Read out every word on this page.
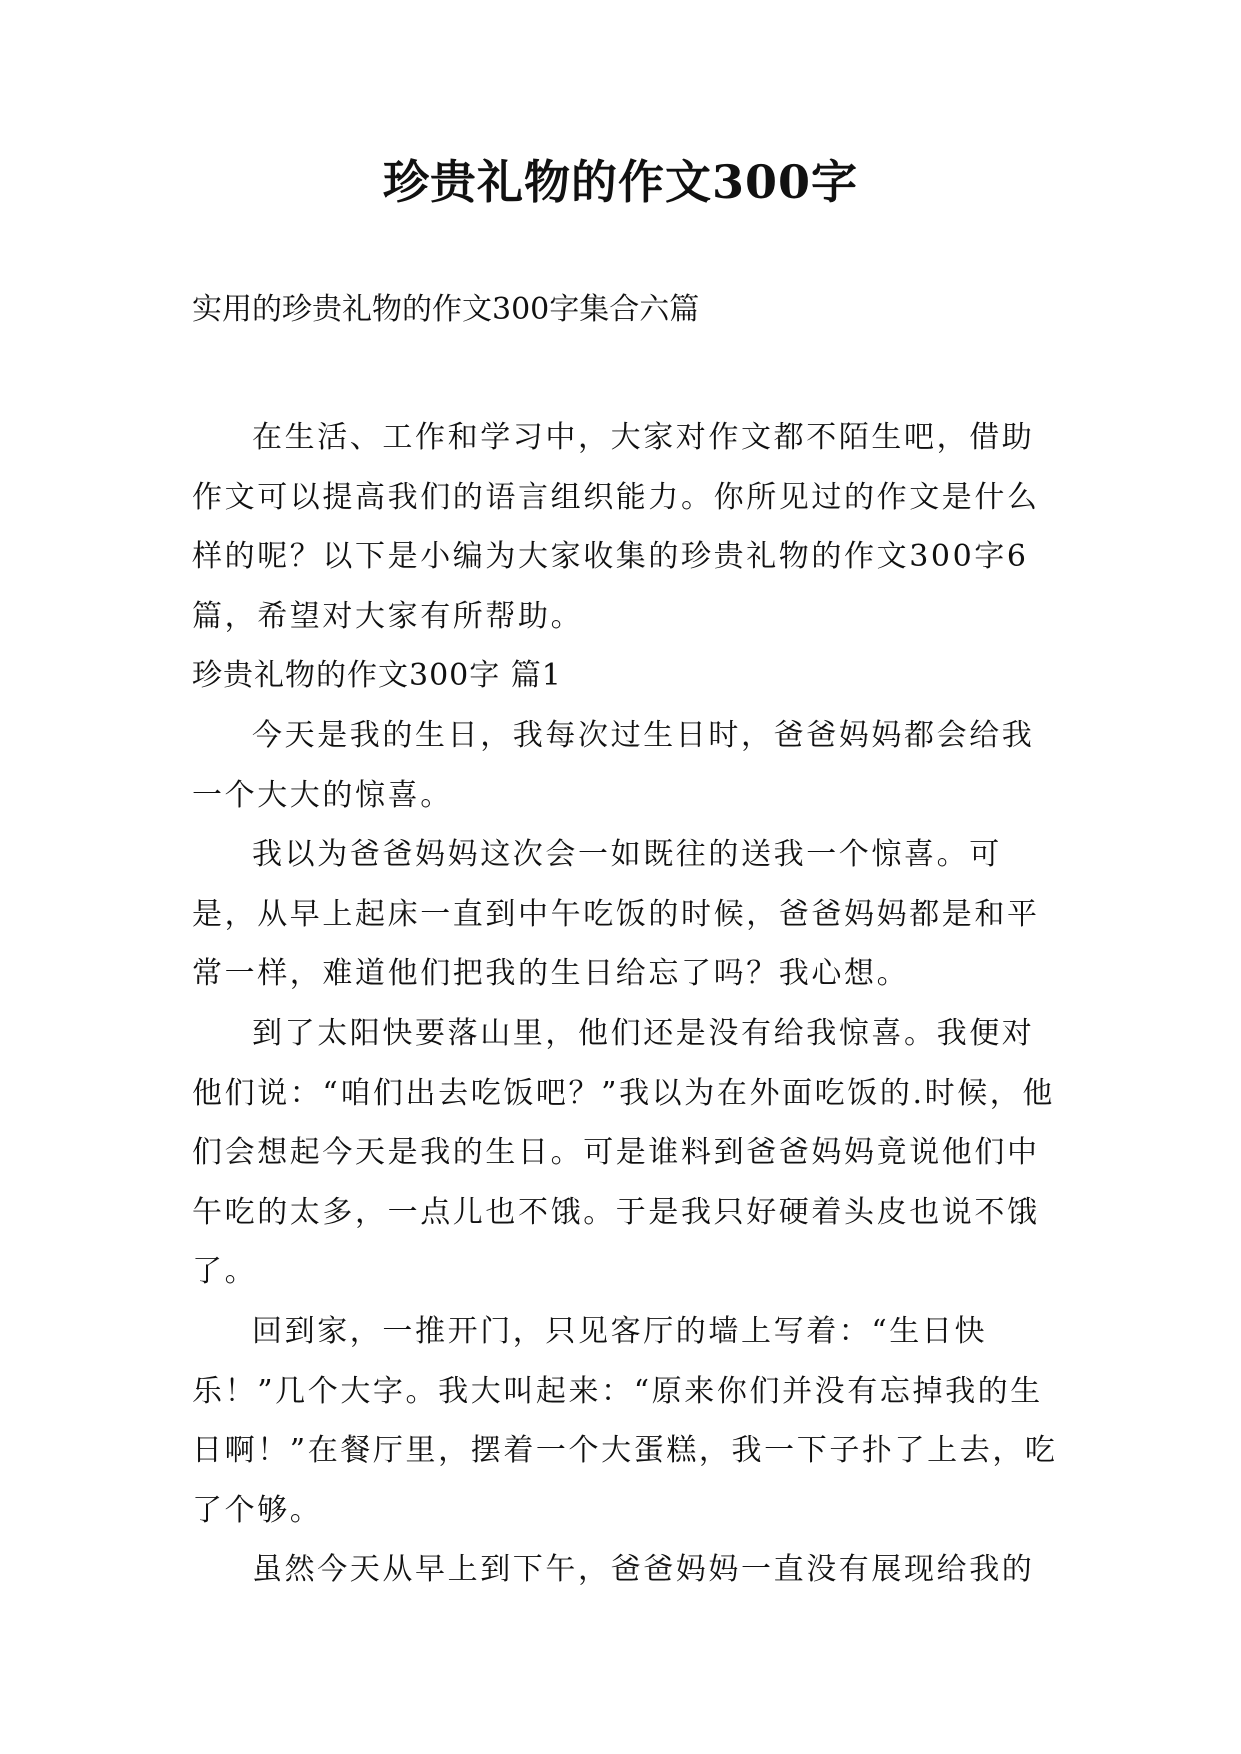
珍贵礼物的作文300字
实用的珍贵礼物的作文300字集合六篇

在生活、工作和学习中，大家对作文都不陌生吧，借助作文可以提高我们的语言组织能力。你所见过的作文是什么样的呢？以下是小编为大家收集的珍贵礼物的作文300字6篇，希望对大家有所帮助。

珍贵礼物的作文300字 篇1

今天是我的生日，我每次过生日时，爸爸妈妈都会给我一个大大的惊喜。

我以为爸爸妈妈这次会一如既往的送我一个惊喜。可是，从早上起床一直到中午吃饭的时候，爸爸妈妈都是和平常一样，难道他们把我的生日给忘了吗？我心想。

到了太阳快要落山里，他们还是没有给我惊喜。我便对他们说：“咱们出去吃饭吧？”我以为在外面吃饭的.时候，他们会想起今天是我的生日。可是谁料到爸爸妈妈竟说他们中午吃的太多，一点儿也不饿。于是我只好硬着头皮也说不饿了。

回到家，一推开门，只见客厅的墙上写着：“生日快乐！”几个大字。我大叫起来：“原来你们并没有忘掉我的生日啊！”在餐厅里，摆着一个大蛋糕，我一下子扑了上去，吃了个够。

虽然今天从早上到下午，爸爸妈妈一直没有展现给我的
